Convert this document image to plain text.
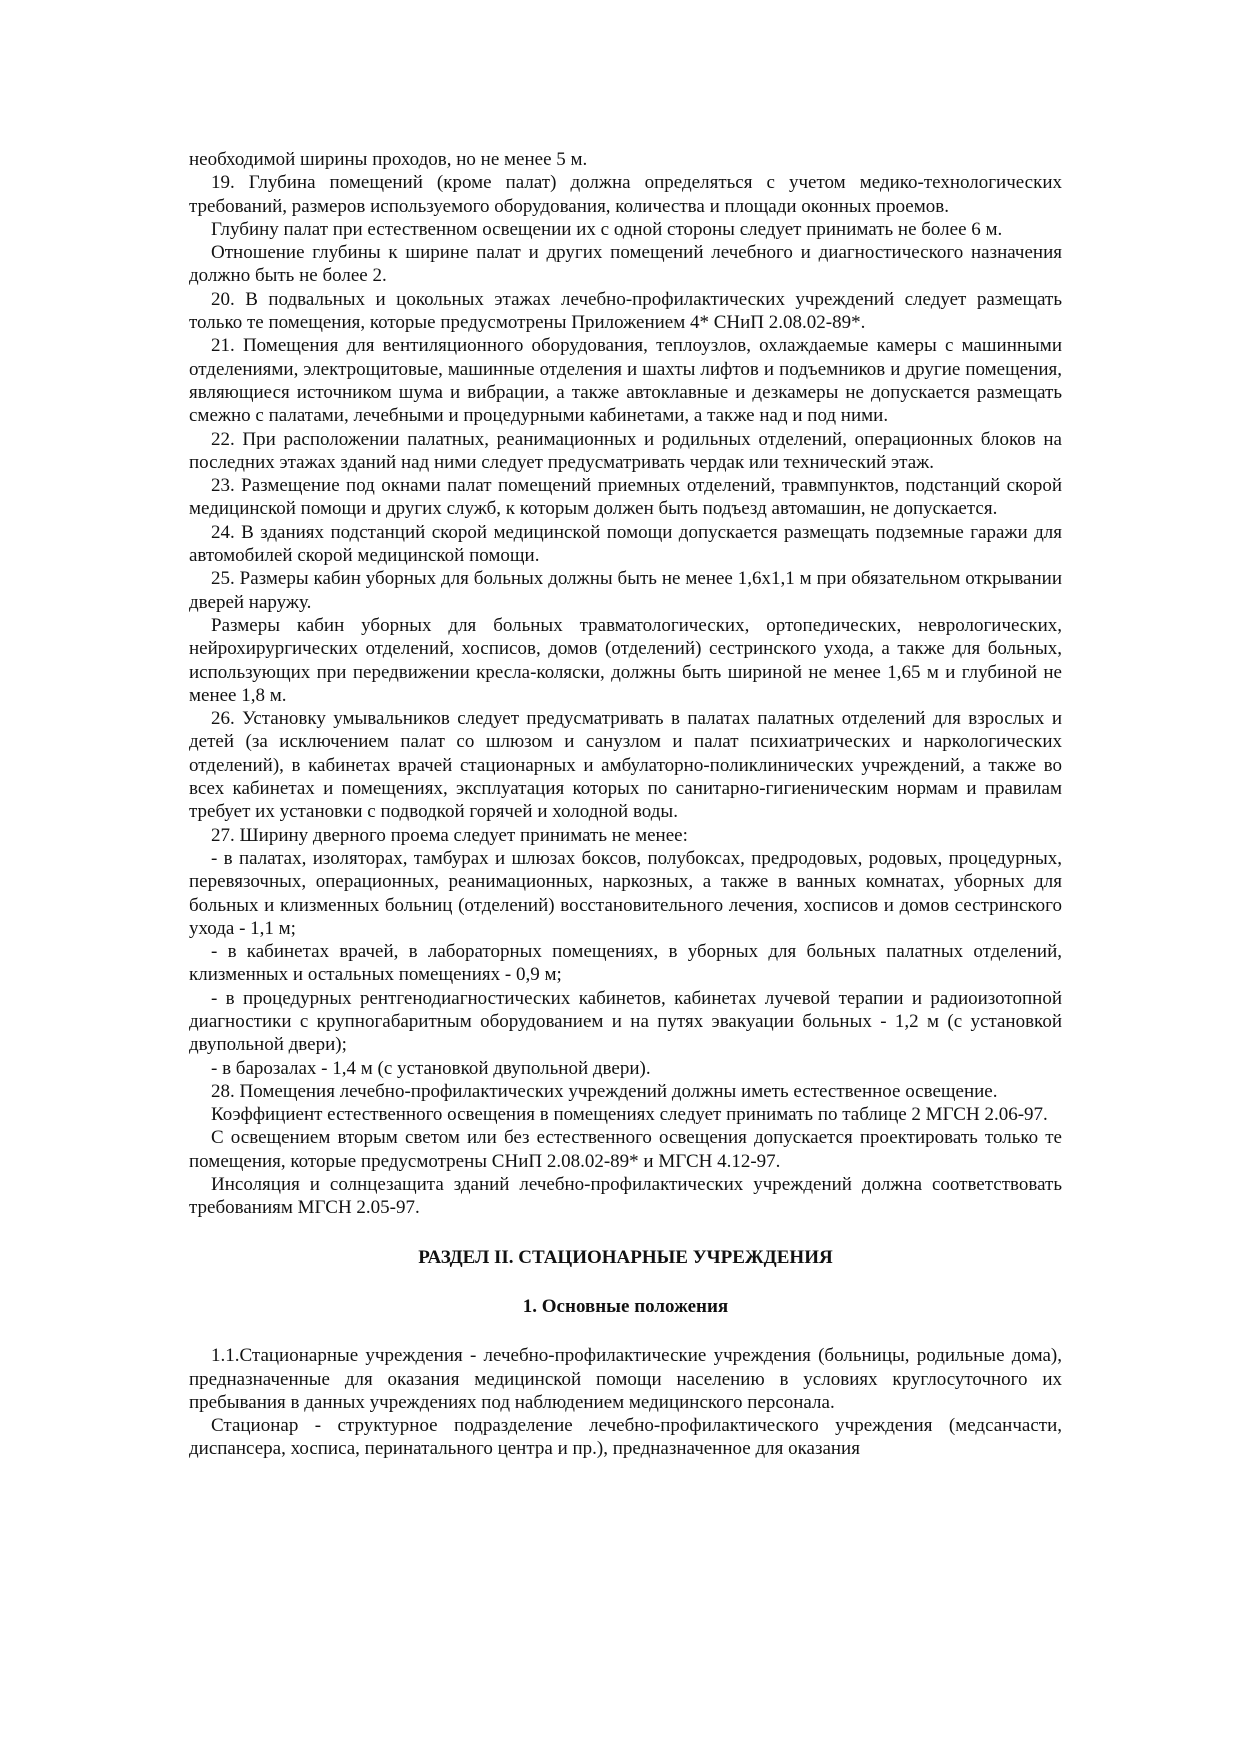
необходимой ширины проходов, но не менее 5 м.

19. Глубина помещений (кроме палат) должна определяться с учетом медико-технологических требований, размеров используемого оборудования, количества и площади оконных проемов.

Глубину палат при естественном освещении их с одной стороны следует принимать не более 6 м.

Отношение глубины к ширине палат и других помещений лечебного и диагностического назначения должно быть не более 2.

20. В подвальных и цокольных этажах лечебно-профилактических учреждений следует размещать только те помещения, которые предусмотрены Приложением 4* СНиП 2.08.02-89*.

21. Помещения для вентиляционного оборудования, теплоузлов, охлаждаемые камеры с машинными отделениями, электрощитовые, машинные отделения и шахты лифтов и подъемников и другие помещения, являющиеся источником шума и вибрации, а также автоклавные и дезкамеры не допускается размещать смежно с палатами, лечебными и процедурными кабинетами, а также над и под ними.

22. При расположении палатных, реанимационных и родильных отделений, операционных блоков на последних этажах зданий над ними следует предусматривать чердак или технический этаж.

23. Размещение под окнами палат помещений приемных отделений, травмпунктов, подстанций скорой медицинской помощи и других служб, к которым должен быть подъезд автомашин, не допускается.

24. В зданиях подстанций скорой медицинской помощи допускается размещать подземные гаражи для автомобилей скорой медицинской помощи.

25. Размеры кабин уборных для больных должны быть не менее 1,6х1,1 м при обязательном открывании дверей наружу.

Размеры кабин уборных для больных травматологических, ортопедических, неврологических, нейрохирургических отделений, хосписов, домов (отделений) сестринского ухода, а также для больных, использующих при передвижении кресла-коляски, должны быть шириной не менее 1,65 м и глубиной не менее 1,8 м.

26. Установку умывальников следует предусматривать в палатах палатных отделений для взрослых и детей (за исключением палат со шлюзом и санузлом и палат психиатрических и наркологических отделений), в кабинетах врачей стационарных и амбулаторно-поликлинических учреждений, а также во всех кабинетах и помещениях, эксплуатация которых по санитарно-гигиеническим нормам и правилам требует их установки с подводкой горячей и холодной воды.

27. Ширину дверного проема следует принимать не менее:

- в палатах, изоляторах, тамбурах и шлюзах боксов, полубоксах, предродовых, родовых, процедурных, перевязочных, операционных, реанимационных, наркозных, а также в ванных комнатах, уборных для больных и клизменных больниц (отделений) восстановительного лечения, хосписов и домов сестринского ухода - 1,1 м;

- в кабинетах врачей, в лабораторных помещениях, в уборных для больных палатных отделений, клизменных и остальных помещениях - 0,9 м;

- в процедурных рентгенодиагностических кабинетов, кабинетах лучевой терапии и радиоизотопной диагностики с крупногабаритным оборудованием и на путях эвакуации больных - 1,2 м (с установкой двупольной двери);

- в барозалах - 1,4 м (с установкой двупольной двери).

28. Помещения лечебно-профилактических учреждений должны иметь естественное освещение.

Коэффициент естественного освещения в помещениях следует принимать по таблице 2 МГСН 2.06-97.

С освещением вторым светом или без естественного освещения допускается проектировать только те помещения, которые предусмотрены СНиП 2.08.02-89* и МГСН 4.12-97.

Инсоляция и солнцезащита зданий лечебно-профилактических учреждений должна соответствовать требованиям МГСН 2.05-97.

РАЗДЕЛ II. СТАЦИОНАРНЫЕ УЧРЕЖДЕНИЯ

1. Основные положения

1.1.Стационарные учреждения - лечебно-профилактические учреждения (больницы, родильные дома), предназначенные для оказания медицинской помощи населению в условиях круглосуточного их пребывания в данных учреждениях под наблюдением медицинского персонала.

Стационар - структурное подразделение лечебно-профилактического учреждения (медсанчасти, диспансера, хосписа, перинатального центра и пр.), предназначенное для оказания
